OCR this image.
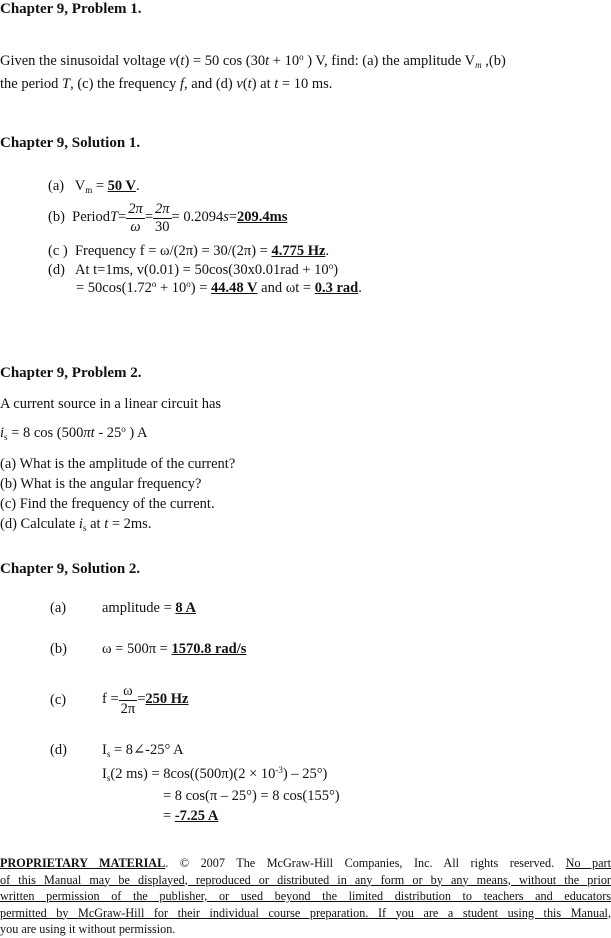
Chapter 9, Problem 1.
Given the sinusoidal voltage v(t) = 50 $\cos (30t + 10^o$ ) V, find: (a) the amplitude $V_m$ ,(b)
the period T, (c) the frequency f, and (d) v(t) at t = 10 ms.
Chapter 9, Solution 1.
(a) $V_m = 50$ V.
(b)
Period $T = \frac{2\pi}{\omega} = \frac{2\pi}{30} = 0.2094$ s = 209.4ms
(c ) Frequency f = ω/(2π) = 30/(2π) = 4.775 Hz.
(d) At t=1ms, $v(0.01) = 50\cos(30x0.01rad + 10^o)$
= $50\cos(1.72^o + 10^o) = 44.48$ V and ωt = 0.3 rad.
Chapter 9, Problem 2.
A current source in a linear circuit has
$i_s = 8$ cos (500πt - 25$^o$ ) A
(a) What is the amplitude of the current?
(b) What is the angular frequency?
(c) Find the frequency of the current.
(d) Calculate $i_s$ at t = 2ms.
Chapter 9, Solution 2.
(a) amplitude = 8 A
(b) ω = 500π = 1570.8 rad/s
(c) $f = \frac{\omega}{2\pi} = 250$ Hz
(d) $I_s$ = 8∠-25° A
$I_s(2$ $ms) = 8\cos((500\pi)(2 \times 10^{-3}) - 25^\circ)$
= 8 cos(π – 25°) = 8 cos(155°)
= -7.25 A
PROPRIETARY MATERIAL. © 2007 The McGraw-Hill Companies, Inc. All rights reserved. No part
of this Manual may be displayed, reproduced or distributed in any form or by any means, without the prior
written permission of the publisher, or used beyond the limited distribution to teachers and educators
permitted by McGraw-Hill for their individual course preparation. If you are a student using this Manual,
you are using it without permission.
